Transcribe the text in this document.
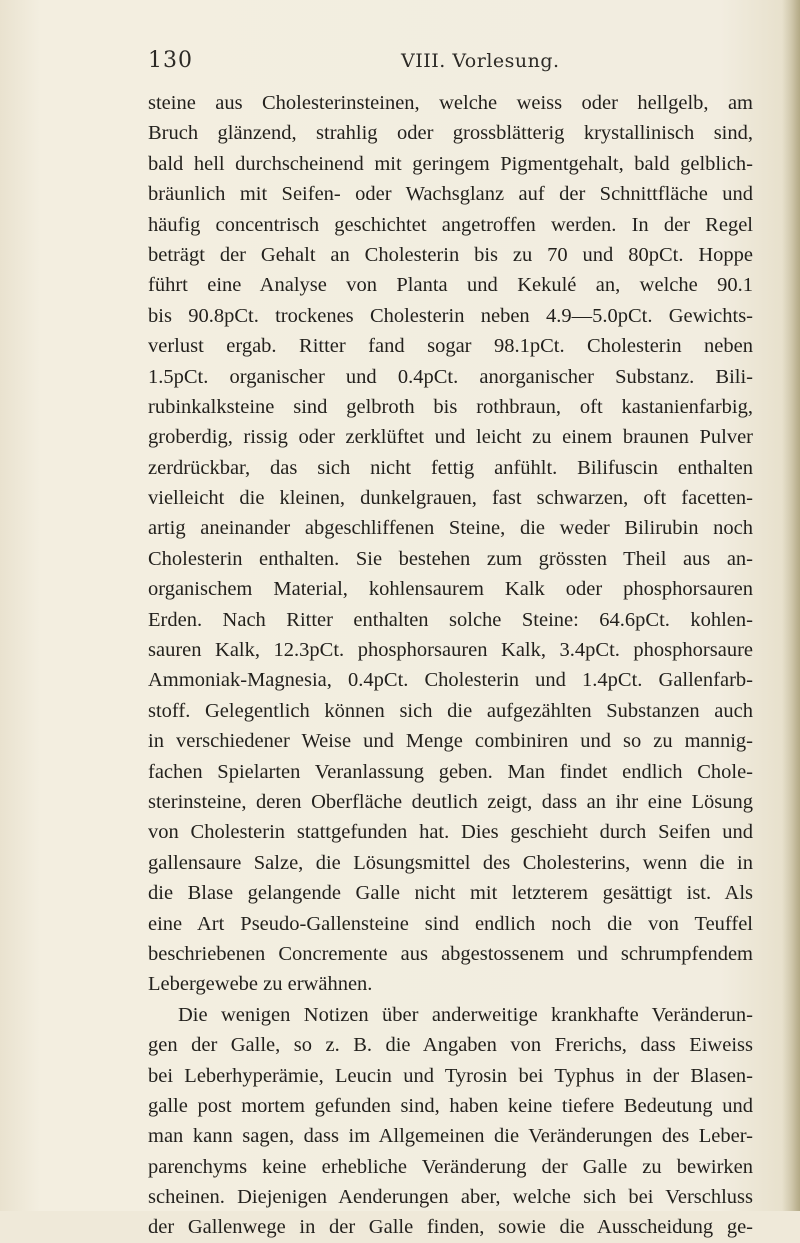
130	VIII. Vorlesung.
steine aus Cholesterinsteinen, welche weiss oder hellgelb, am
Bruch glänzend, strahlig oder grossblätterig krystallinisch sind,
bald hell durchscheinend mit geringem Pigmentgehalt, bald gelblich-
bräunlich mit Seifen- oder Wachsglanz auf der Schnittfläche und
häufig concentrisch geschichtet angetroffen werden. In der Regel
beträgt der Gehalt an Cholesterin bis zu 70 und 80pCt. Hoppe
führt eine Analyse von Planta und Kekulé an, welche 90.1
bis 90.8pCt. trockenes Cholesterin neben 4.9—5.0pCt. Gewichts-
verlust ergab. Ritter fand sogar 98.1pCt. Cholesterin neben
1.5pCt. organischer und 0.4pCt. anorganischer Substanz. Bili-
rubinkalksteine sind gelbroth bis rothbraun, oft kastanienfarbig,
groberdig, rissig oder zerklüftet und leicht zu einem braunen Pulver
zerdrückbar, das sich nicht fettig anfühlt. Bilifuscin enthalten
vielleicht die kleinen, dunkelgrauen, fast schwarzen, oft facetten-
artig aneinander abgeschliffenen Steine, die weder Bilirubin noch
Cholesterin enthalten. Sie bestehen zum grössten Theil aus an-
organischem Material, kohlensaurem Kalk oder phosphorsauren
Erden. Nach Ritter enthalten solche Steine: 64.6pCt. kohlen-
sauren Kalk, 12.3pCt. phosphorsauren Kalk, 3.4pCt. phosphorsaure
Ammoniak-Magnesia, 0.4pCt. Cholesterin und 1.4pCt. Gallenfarb-
stoff. Gelegentlich können sich die aufgezählten Substanzen auch
in verschiedener Weise und Menge combiniren und so zu mannig-
fachen Spielarten Veranlassung geben. Man findet endlich Chole-
sterinsteine, deren Oberfläche deutlich zeigt, dass an ihr eine Lösung
von Cholesterin stattgefunden hat. Dies geschieht durch Seifen und
gallensaure Salze, die Lösungsmittel des Cholesterins, wenn die in
die Blase gelangende Galle nicht mit letzterem gesättigt ist. Als
eine Art Pseudo-Gallensteine sind endlich noch die von Teuffel
beschriebenen Concremente aus abgestossenem und schrumpfendem
Lebergewebe zu erwähnen.
Die wenigen Notizen über anderweitige krankhafte Veränderun-
gen der Galle, so z. B. die Angaben von Frerichs, dass Eiweiss
bei Leberhyperämie, Leucin und Tyrosin bei Typhus in der Blasen-
galle post mortem gefunden sind, haben keine tiefere Bedeutung und
man kann sagen, dass im Allgemeinen die Veränderungen des Leber-
parenchyms keine erhebliche Veränderung der Galle zu bewirken
scheinen. Diejenigen Aenderungen aber, welche sich bei Verschluss
der Gallenwege in der Galle finden, sowie die Ausscheidung ge-
